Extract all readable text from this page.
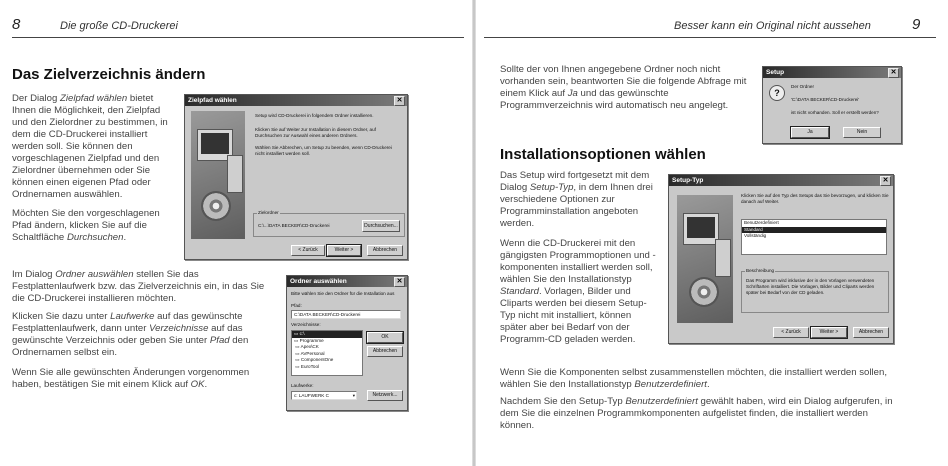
8	Die große CD-Druckerei
Das Zielverzeichnis ändern

Der Dialog Zielpfad wählen bietet Ihnen die Möglichkeit, den Zielpfad und den Zielordner zu bestimmen, in dem die CD-Druckerei installiert werden soll. Sie können den vorgeschlagenen Zielpfad und den Zielordner übernehmen oder Sie können einen eigenen Pfad oder Ordnernamen auswählen.

Möchten Sie den vorgeschlagenen Pfad ändern, klicken Sie auf die Schaltfläche Durchsuchen.

Im Dialog Ordner auswählen stellen Sie das Festplattenlaufwerk bzw. das Zielverzeichnis ein, in das Sie die CD-Druckerei installieren möchten.

Klicken Sie dazu unter Laufwerke auf das gewünschte Festplattenlaufwerk, dann unter Verzeichnisse auf das gewünschte Verzeichnis oder geben Sie unter Pfad den Ordnernamen selbst ein.

Wenn Sie alle gewünschten Änderungen vorgenommen haben, bestätigen Sie mit einem Klick auf OK.

Zielpfad wählen	✕
Setup wird CD-Druckerei in folgendem Ordner installieren.
Klicken Sie auf Weiter zur Installation in diesem Ordner, auf Durchsuchen zur Auswahl eines anderen Ordners.
Wählen Sie Abbrechen, um Setup zu beenden, wenn CD-Druckerei nicht installiert werden soll.
Zielordner
C:\...\DATA BECKER\CD-Druckerei	Durchsuchen...
< Zurück	Weiter >	Abbrechen
Ordner auswählen	✕
Bitte wählen Sie den Ordner für die Installation aus
Pfad:
C:\DATA BECKER\CD-Druckerei
Verzeichnisse:
▭ c:\
▭ Programme
▭ Apex\CK
▭ AVPersonal
▭ ComponentOne
▭ EuroTool
OK
Abbrechen
Laufwerke:
c: LAUFWERK C	▾	Netzwerk...
Besser kann ein Original nicht aussehen	9

Sollte der von Ihnen angegebene Ordner noch nicht vorhanden sein, beantworten Sie die folgende Abfrage mit einem Klick auf Ja und das gewünschte Programmverzeichnis wird automatisch neu angelegt.

Installationsoptionen wählen

Das Setup wird fortgesetzt mit dem Dialog Setup-Typ, in dem Ihnen drei verschiedene Optionen zur Programminstallation angeboten werden.

Wenn die CD-Druckerei mit den gängigsten Programmoptionen und -komponenten installiert werden soll, wählen Sie den Installationstyp Standard. Vorlagen, Bilder und Cliparts werden bei diesem Setup-Typ nicht mit installiert, können später aber bei Bedarf von der Programm-CD geladen werden.

Wenn Sie die Komponenten selbst zusammenstellen möchten, die installiert werden sollen, wählen Sie den Installationstyp Benutzerdefiniert.

Nachdem Sie den Setup-Typ Benutzerdefiniert gewählt haben, wird ein Dialog aufgerufen, in dem Sie die einzelnen Programmkomponenten aufgelistet finden, die installiert werden können.

Setup	✕
?
Der Ordner
'C:\DATA BECKER\CD-Druckerei'
ist nicht vorhanden. Soll er erstellt werden?
Ja	Nein
Setup-Typ	✕
Klicken Sie auf den Typ des Setups das Sie bevorzugen, und klicken Sie danach auf Weiter.
Benutzerdefiniert
Standard
Vollständig
Beschreibung
Das Programm wird inklusive der in den Vorlagen verwendeten Schriftarten installiert. Die Vorlagen, Bilder und Cliparts werden später bei Bedarf von der CD geladen.
< Zurück	Weiter >	Abbrechen
